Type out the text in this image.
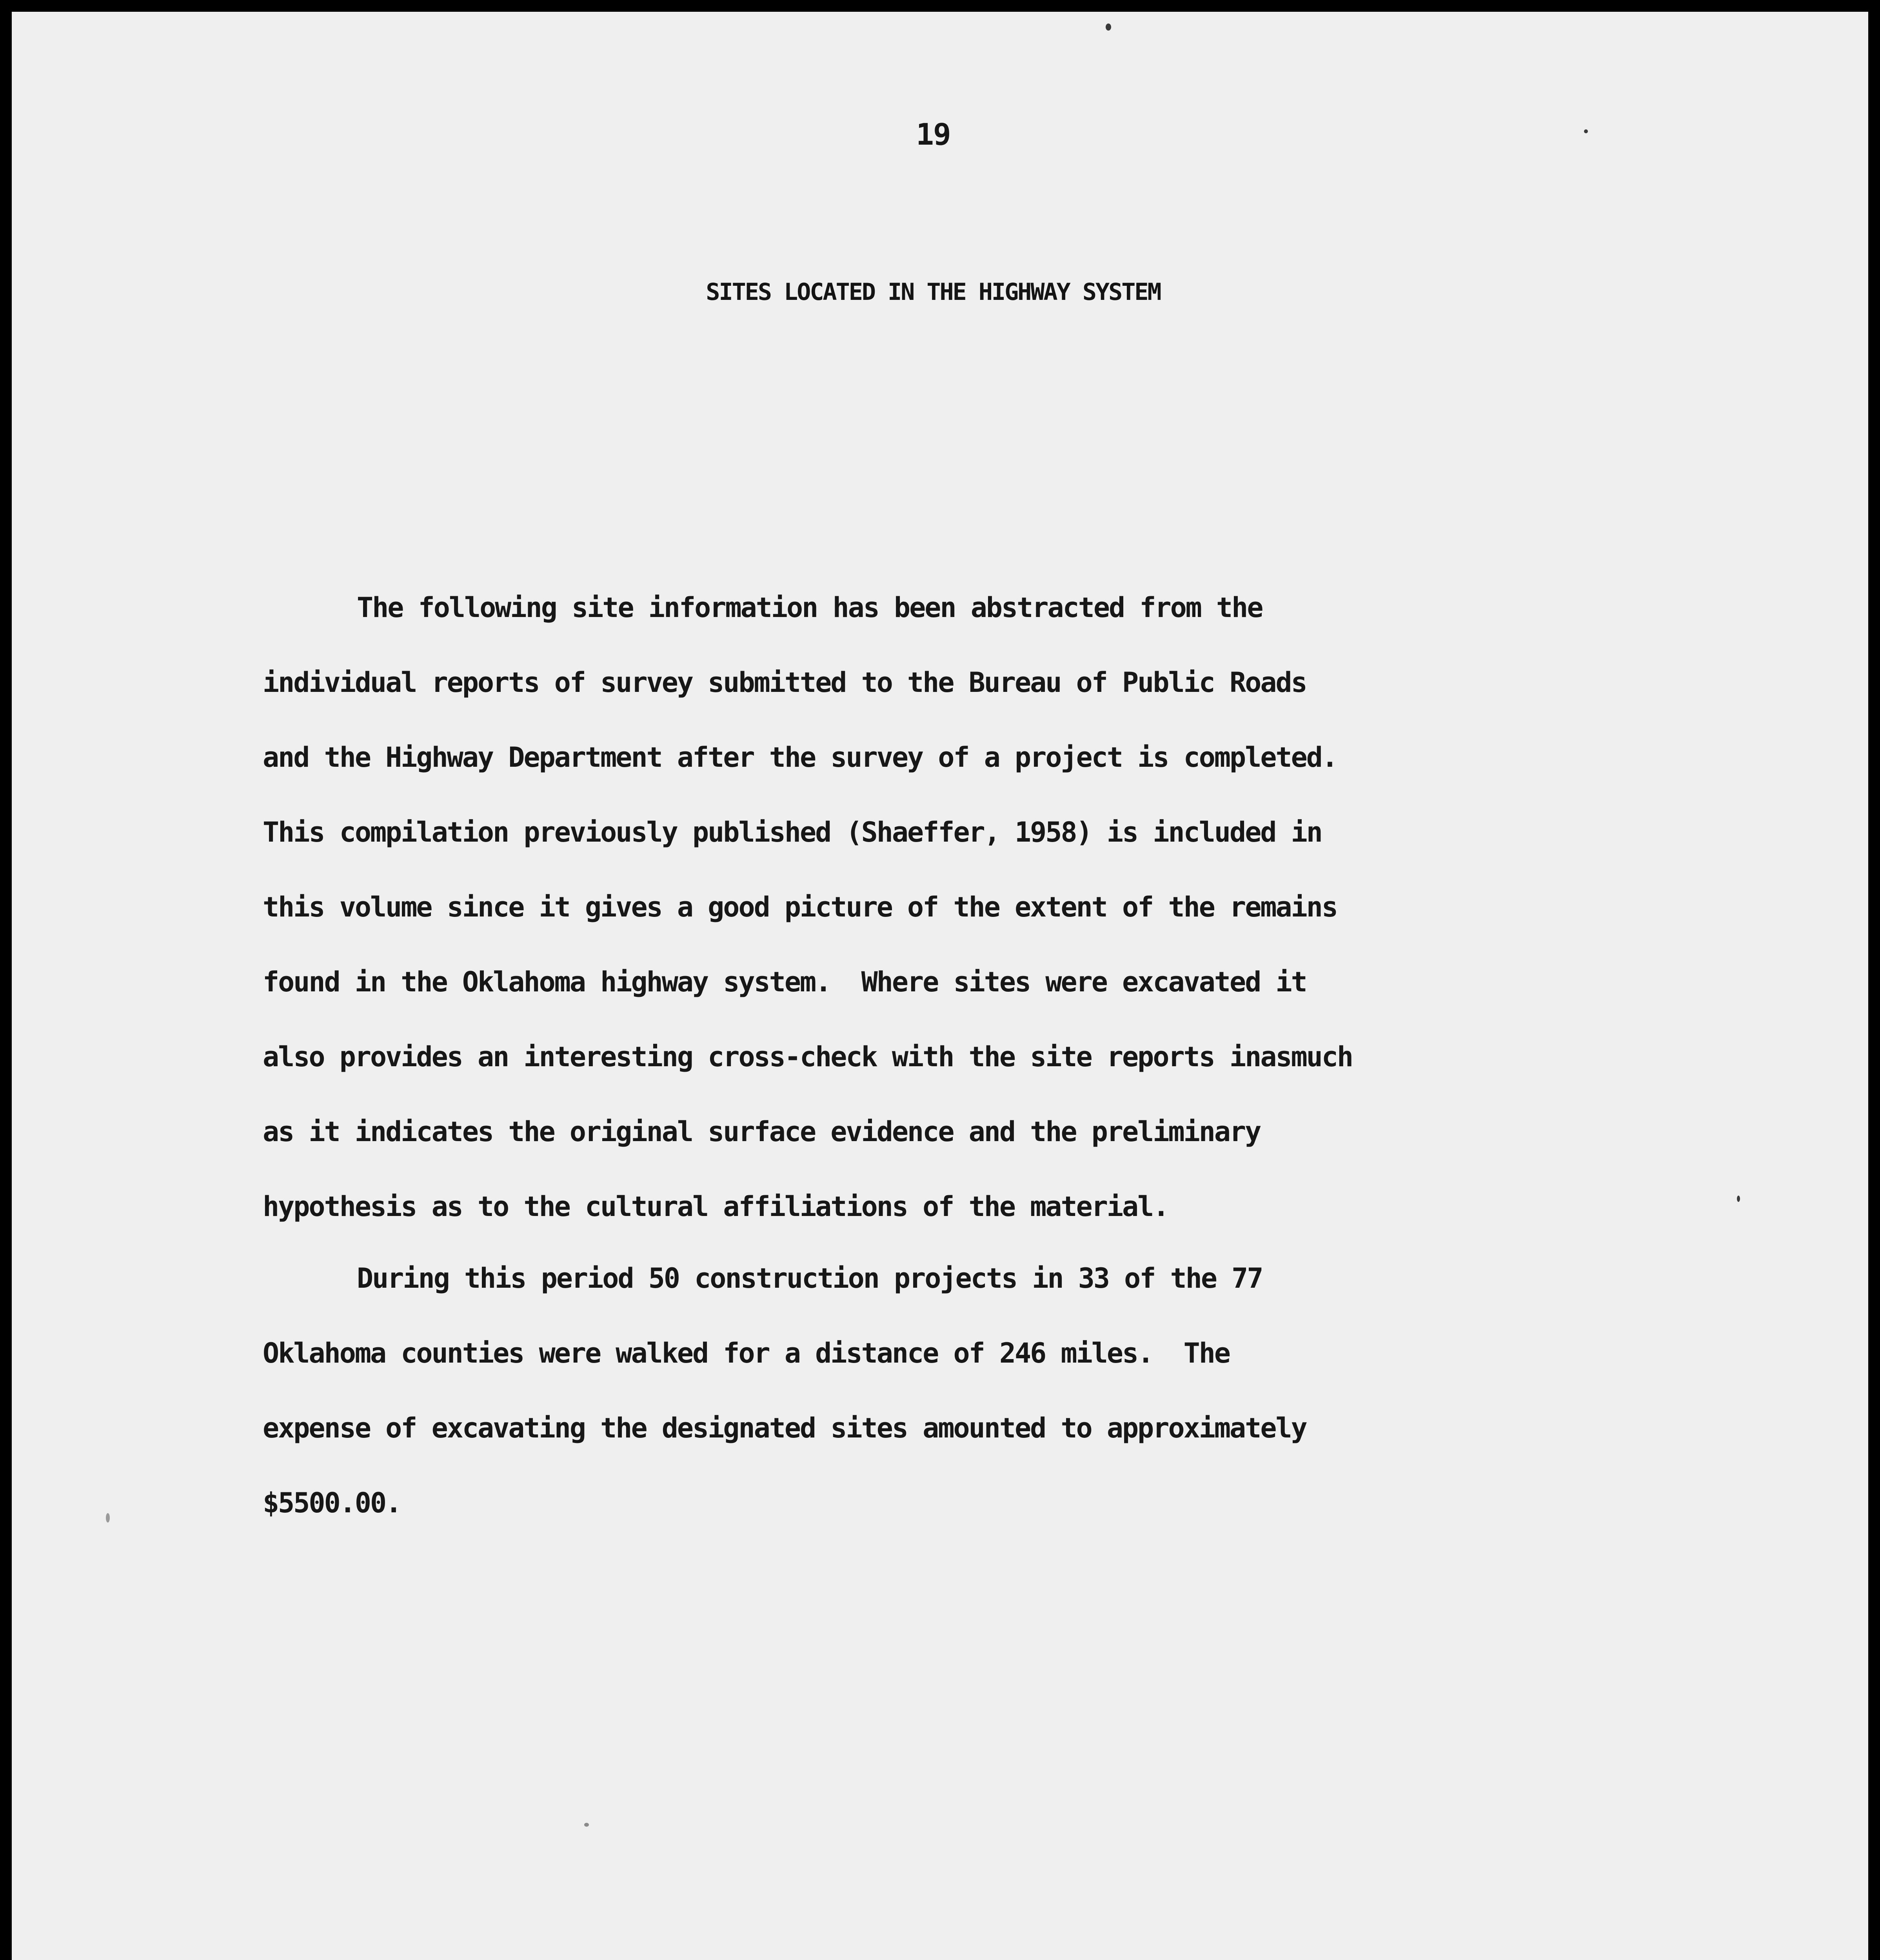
19
SITES LOCATED IN THE HIGHWAY SYSTEM
The following site information has been abstracted from the
individual reports of survey submitted to the Bureau of Public Roads
and the Highway Department after the survey of a project is completed.
This compilation previously published (Shaeffer, 1958) is included in
this volume since it gives a good picture of the extent of the remains
found in the Oklahoma highway system.  Where sites were excavated it
also provides an interesting cross-check with the site reports inasmuch
as it indicates the original surface evidence and the preliminary
hypothesis as to the cultural affiliations of the material.
During this period 50 construction projects in 33 of the 77
Oklahoma counties were walked for a distance of 246 miles.  The
expense of excavating the designated sites amounted to approximately
$5500.00.
